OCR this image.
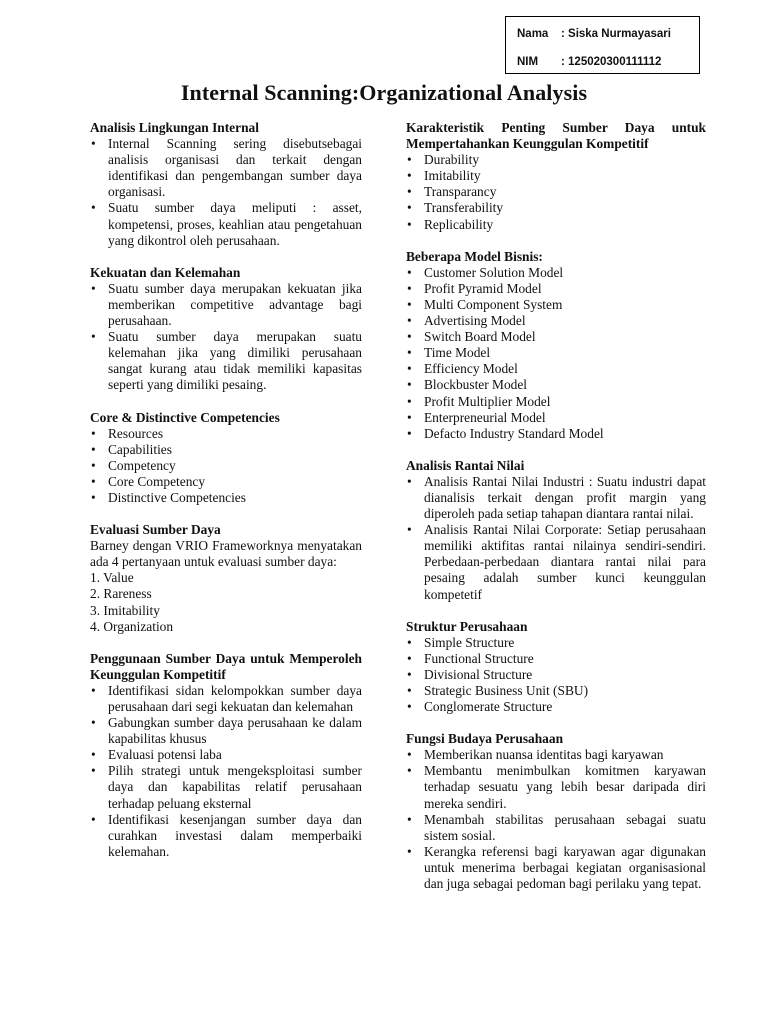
Nama : Siska Nurmayasari
NIM : 125020300111112
Internal Scanning:Organizational Analysis
Analisis Lingkungan Internal
• Internal Scanning sering disebutsebagai analisis organisasi dan terkait dengan identifikasi dan pengembangan sumber daya organisasi.
• Suatu sumber daya meliputi : asset, kompetensi, proses, keahlian atau pengetahuan yang dikontrol oleh perusahaan.
Kekuatan dan Kelemahan
• Suatu sumber daya merupakan kekuatan jika memberikan competitive advantage bagi perusahaan.
• Suatu sumber daya merupakan suatu kelemahan jika yang dimiliki perusahaan sangat kurang atau tidak memiliki kapasitas seperti yang dimiliki pesaing.
Core & Distinctive Competencies
• Resources
• Capabilities
• Competency
• Core Competency
• Distinctive Competencies
Evaluasi Sumber Daya

Barney dengan VRIO Frameworknya menyatakan ada 4 pertanyaan untuk evaluasi sumber daya:

1. Value
2. Rareness
3. Imitability
4. Organization
Penggunaan Sumber Daya untuk Memperoleh Keunggulan Kompetitif
• Identifikasi sidan kelompokkan sumber daya perusahaan dari segi kekuatan dan kelemahan
• Gabungkan sumber daya perusahaan ke dalam kapabilitas khusus
• Evaluasi potensi laba
• Pilih strategi untuk mengeksploitasi sumber daya dan kapabilitas relatif perusahaan terhadap peluang eksternal
• Identifikasi kesenjangan sumber daya dan curahkan investasi dalam memperbaiki kelemahan.
Karakteristik Penting Sumber Daya untuk Mempertahankan Keunggulan Kompetitif
• Durability
• Imitability
• Transparancy
• Transferability
• Replicability
Beberapa Model Bisnis:
• Customer Solution Model
• Profit Pyramid Model
• Multi Component System
• Advertising Model
• Switch Board Model
• Time Model
• Efficiency Model
• Blockbuster Model
• Profit Multiplier Model
• Enterpreneurial Model
• Defacto Industry Standard Model
Analisis Rantai Nilai
• Analisis Rantai Nilai Industri : Suatu industri dapat dianalisis terkait dengan profit margin yang diperoleh pada setiap tahapan diantara rantai nilai.
• Analisis Rantai Nilai Corporate: Setiap perusahaan memiliki aktifitas rantai nilainya sendiri-sendiri. Perbedaan-perbedaan diantara rantai nilai para pesaing adalah sumber kunci keunggulan kompetetif
Struktur Perusahaan
• Simple Structure
• Functional Structure
• Divisional Structure
• Strategic Business Unit (SBU)
• Conglomerate Structure
Fungsi Budaya Perusahaan
• Memberikan nuansa identitas bagi karyawan
• Membantu menimbulkan komitmen karyawan terhadap sesuatu yang lebih besar daripada diri mereka sendiri.
• Menambah stabilitas perusahaan sebagai suatu sistem sosial.
• Kerangka referensi bagi karyawan agar digunakan untuk menerima berbagai kegiatan organisasional dan juga sebagai pedoman bagi perilaku yang tepat.
